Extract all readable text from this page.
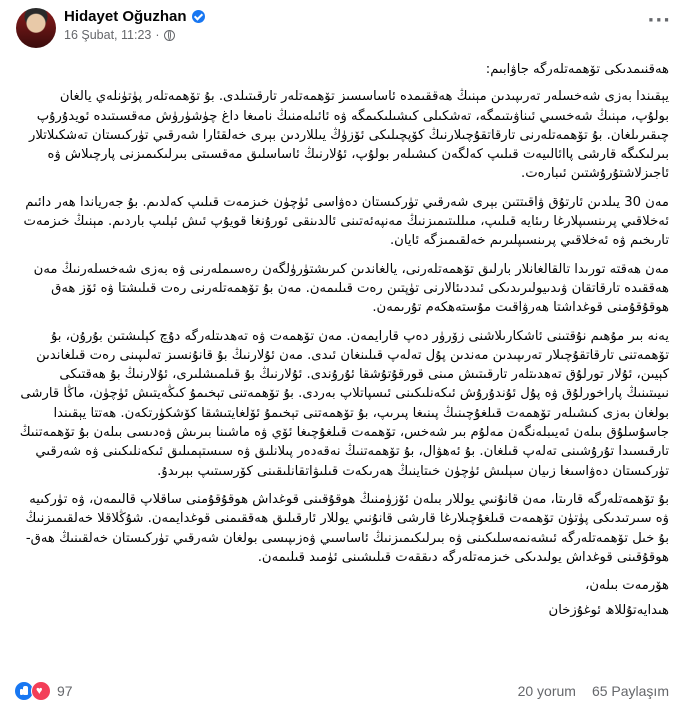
Hidayet Oğuzhan
16 Şubat, 11:23 ·
···

ھەقنىمدىكى تۆھمەتلەرگە جاۋابىم:

يېقىندا بەزى شەخسلەر تەرىپىدىن مېنىڭ ھەققىمدە ئاساسسىز تۆھمەتلەر تارقىتىلدى. بۇ تۆھمەتلەر پۈتۈنلەي يالغان بولۇپ، مېنىڭ شەخسىي ئىناۋىتىمگە، تەشكىلى كىشىلىكىمگە ۋە ئائىلەمنىڭ نامىغا داغ چۈشۈرۈش مەقسىتىدە ئويدۇرۇپ چىقىرىلغان. بۇ تۆھمەتلەرنى تارقاتقۇچىلارنىڭ كۆپچىلىكى ئۆزۈڭ يىللاردىن بېرى خەلقئارا شەرقىي تۈركىستان تەشكىلاتلار بىرلىكىگە قارشى پاائالىيەت قىلىپ كەلگەن كىشىلەر بولۇپ، ئۇلارنىڭ ئاساسلىق مەقسىتى بىرلىكىمىزنى پارچىلاش ۋە ئاجىزلاشتۇرۇشتىن ئىبارەت.

مەن 30 يىلدىن ئارتۇق ۋاقىتتىن بېرى شەرقىي تۈركىستان دەۋاسى ئۈچۈن خىزمەت قىلىپ كەلدىم. بۇ جەرياندا ھەر دائىم ئەخلاقىي پرىنسىپلارغا رىئايە قىلىپ، مىللىتىمىزنىڭ مەنپەئەتىنى ئالدىنقى ئورۇنغا قويۇپ ئىش ئېلىپ باردىم. مېنىڭ خىزمەت تارىخىم ۋە ئەخلاقىي پرىنسىپلىرىم خەلقىمىزگە ئايان.

مەن ھەقتە تورىدا تالقالغانلار بارلىق تۆھمەتلەرنى، يالغاندىن كىرىشتۈرۈلگەن رەسىملەرنى ۋە بەزى شەخسلەرنىڭ مەن ھەققىدە تارقاتقان ۋىدىيولىرىدىكى ئىددىئالارنى تۈپتىن رەت قىلىمەن. مەن بۇ تۆھمەتلەرنى رەت قىلىشتا ۋە ئۆز ھەق ھوقۇقۇمنى قوغداشتا ھەرۋاقىت مۇستەھكەم تۇرىمەن.

يەنە بىر مۇھىم نۇقتىنى ئاشكارىلاشنى زۆرۈر دەپ قارايمەن. مەن تۆھمەت ۋە تەھدىتلەرگە دۇچ كېلىشتىن بۇرۇن، بۇ تۆھمەتنى تارقاتقۇچىلار تەرىپىدىن مەندىن پۇل تەلەپ قىلىنغان ئىدى. مەن ئۇلارنىڭ بۇ قانۇنسىز تەلىپىنى رەت قىلغاندىن كېيىن، ئۇلار تورلۇق تەھدىتلەر تارقىتىش مىنى قورقۇتۇشقا ئۇرۇندى. ئۇلارنىڭ بۇ قىلمىشلىرى، ئۇلارنىڭ بۇ ھەقتىكى نىيىتىنىڭ پاراخورلۇق ۋە پۇل ئۇندۇرۇش ئىكەنلىكىنى ئىسپاتلاپ بەردى. بۇ تۆھمەتنى تېخىمۇ كىڭەيتىش ئۈچۈن، ماڭا قارشى بولغان بەزى كىشىلەر تۆھمەت قىلغۇچىنىڭ پىنىغا پىرىپ، بۇ تۆھمەتنى تېخىمۇ ئۆلغايتىشقا كۆشكۈرتكەن. ھەتتا يېقىندا جاسۇسلۇق بىلەن ئەيىبلەنگەن مەلۇم بىر شەخس، تۆھمەت قىلغۇچىغا ئۆي ۋە ماشىنا بىرىش ۋەدىسى بىلەن بۇ تۆھمەتنىڭ تارقىسىدا تۇرۇشىنى تەلەپ قىلغان. بۇ ئەھۋال، بۇ تۆھمەتنىڭ نەقەدەر پىلانلىق ۋە سىستېمىلىق ئىكەنلىكىنى ۋە شەرقىي تۈركىستان دەۋاسىغا زىيان سېلىش ئۈچۈن خىتاينىڭ ھەرىكەت قىلىۋاتقانلىقىنى كۆرسىتىپ بېرىدۇ.

بۇ تۆھمەتلەرگە قارىتا، مەن قانۇنىي يوللار بىلەن ئۆزۈمنىڭ ھوقۇقىنى قوغداش ھوقۇقۇمنى ساقلاپ قالىمەن، ۋە تۈركىيە ۋە سىرتىدىكى پۈتۈن تۆھمەت قىلغۇچىلارغا قارشى قانۇنىي يوللار ئارقىلىق ھەققىمنى قوغدايمەن. شۇڭلاقلا خەلقىمىزنىڭ بۇ خىل تۆھمەتلەرگە ئىشەنمەسلىكىنى ۋە بىرلىكىمىزنىڭ ئاساسىي ۋەزىپىسى بولغان شەرقىي تۈركىستان خەلقىنىڭ ھەق-ھوقۇقىنى قوغداش يولىدىكى خىزمەتلەرگە دىققەت قىلىشىنى ئۈمىد قىلىمەن.

ھۆرمەت بىلەن،

ھىدايەتۇللاھ ئوغۇزخان

♥ 97	20 yorum 65 Paylaşım
